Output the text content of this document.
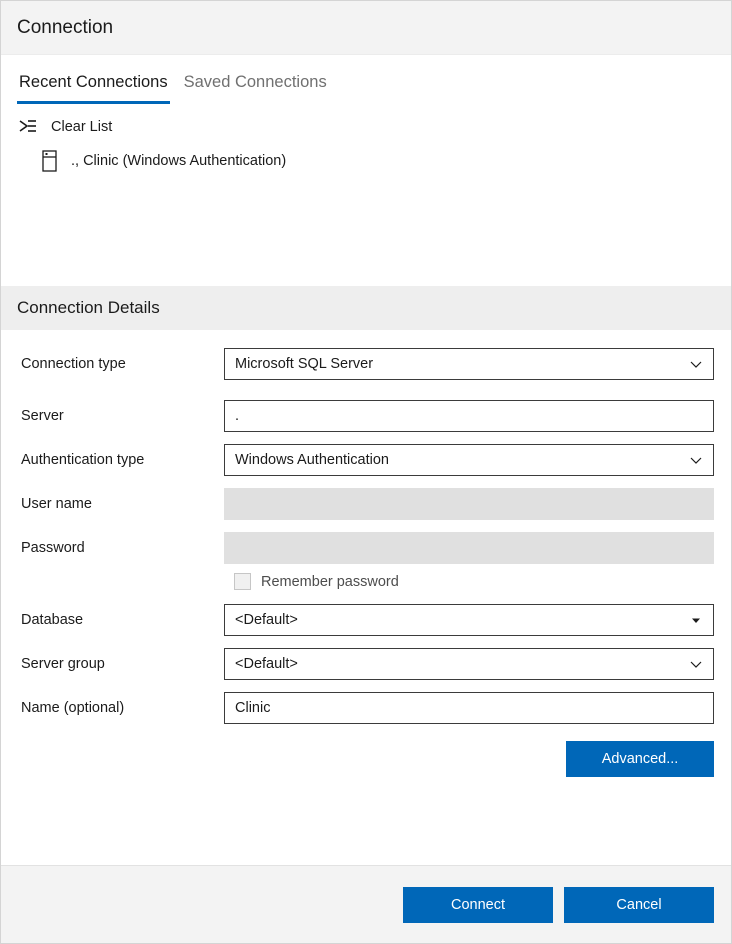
Connection
Recent Connections Saved Connections
Clear List
., Clinic (Windows Authentication)
Connection Details
Connection type	Microsoft SQL Server
Server	.
Authentication type	Windows Authentication
User name
Password
Remember password
Database	<Default>
Server group	<Default>
Name (optional)	Clinic
Advanced...
Connect	Cancel
